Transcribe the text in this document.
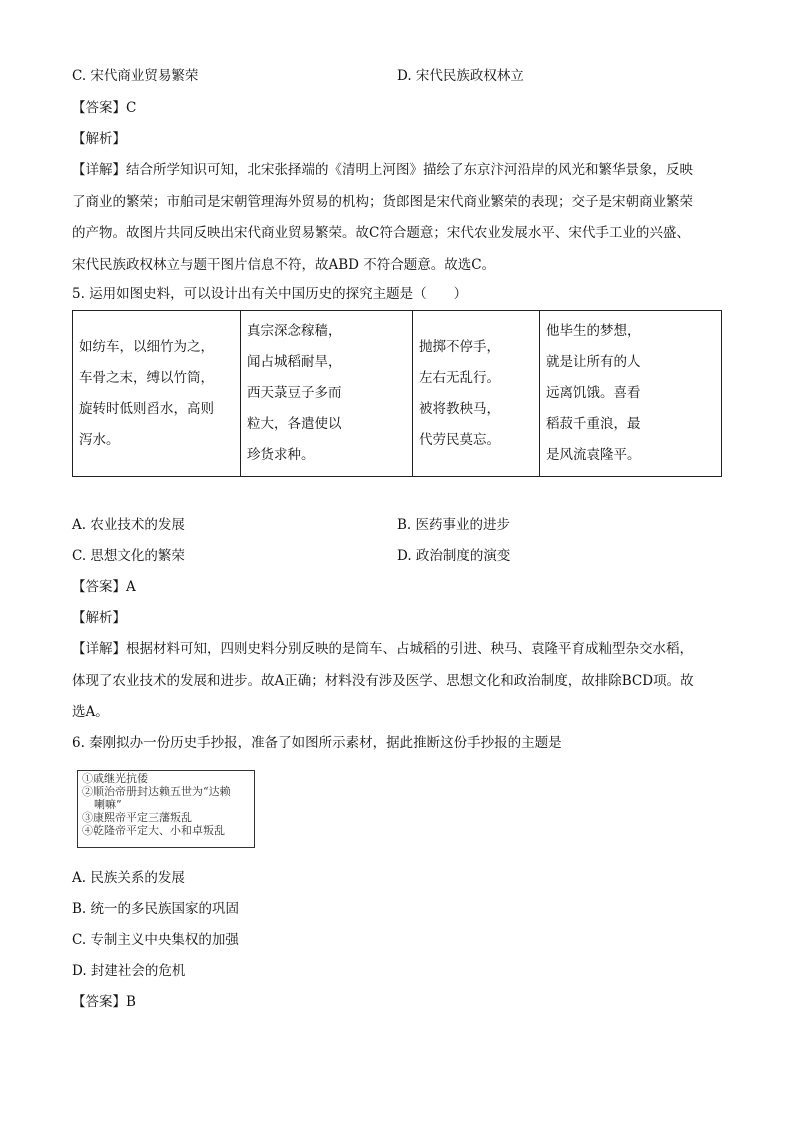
C. 宋代商业贸易繁荣	D. 宋代民族政权林立
【答案】C
【解析】
【详解】结合所学知识可知，北宋张择端的《清明上河图》描绘了东京汴河沿岸的风光和繁华景象，反映
了商业的繁荣；市舶司是宋朝管理海外贸易的机构；货郎图是宋代商业繁荣的表现；交子是宋朝商业繁荣
的产物。故图片共同反映出宋代商业贸易繁荣。故C符合题意；宋代农业发展水平、宋代手工业的兴盛、
宋代民族政权林立与题干图片信息不符，故ABD 不符合题意。故选C。
5. 运用如图史料，可以设计出有关中国历史的探究主题是（　　）
如纺车，以细竹为之，
车骨之末，缚以竹筒，
旋转时低则舀水，高则
泻水。

真宗深念稼穑，
闻占城稻耐旱，
西天菉豆子多而
粒大，各遣使以
珍货求种。

抛掷不停手，
左右无乱行。
被将教秧马，
代劳民莫忘。

他毕生的梦想，
就是让所有的人
远离饥饿。喜看
稻菽千重浪，最
是风流袁隆平。
A. 农业技术的发展	B. 医药事业的进步
C. 思想文化的繁荣	D. 政治制度的演变
【答案】A
【解析】
【详解】根据材料可知，四则史料分别反映的是筒车、占城稻的引进、秧马、袁隆平育成籼型杂交水稻，
体现了农业技术的发展和进步。故A正确；材料没有涉及医学、思想文化和政治制度，故排除BCD项。故
选A。
6. 秦刚拟办一份历史手抄报，准备了如图所示素材，据此推断这份手抄报的主题是
①戚继光抗倭
②顺治帝册封达赖五世为“达赖
喇嘛”
③康熙帝平定三藩叛乱
④乾隆帝平定大、小和卓叛乱
A. 民族关系的发展
B. 统一的多民族国家的巩固
C. 专制主义中央集权的加强
D. 封建社会的危机
【答案】B
